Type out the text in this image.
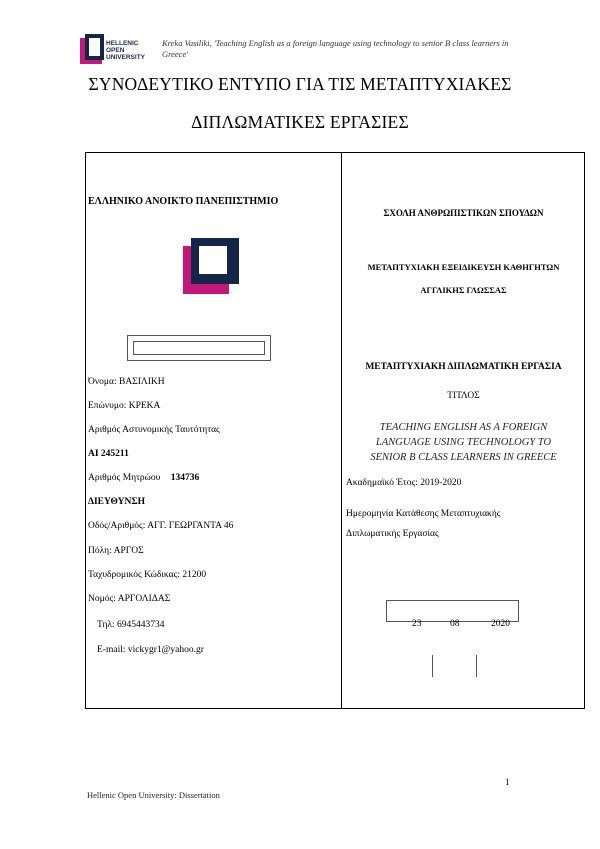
HELLENIC
OPEN
UNIVERSITY
Kreka Vasiliki, 'Teaching English as a foreign language using technology to senior B class learners in Greece'
ΣΥΝΟΔΕΥΤΙΚΟ ΕΝΤΥΠΟ ΓΙΑ ΤΙΣ ΜΕΤΑΠΤΥΧΙΑΚΕΣ
ΔΙΠΛΩΜΑΤΙΚΕΣ ΕΡΓΑΣΙΕΣ
ΕΛΛΗΝΙΚΟ ΑΝΟΙΚΤΟ ΠΑΝΕΠΙΣΤΗΜΙΟ
Όνομα: ΒΑΣΙΛΙΚΗ
Επώνυμο: ΚΡΕΚΑ
Αριθμός Αστυνομικής Ταυτότητας
ΑΙ 245211
Αριθμός Μητρώου 134736
ΔΙΕΥΘΥΝΣΗ
Οδός/Αριθμός: ΑΓΓ. ΓΕΩΡΓΑΝΤΑ 46
Πόλη: ΑΡΓΟΣ
Ταχυδρομικός Κώδικας: 21200
Νομός: ΑΡΓΟΛΙΔΑΣ
Τηλ: 6945443734
E-mail: vickygr1@yahoo.gr
ΣΧΟΛΗ ΑΝΘΡΩΠΙΣΤΙΚΩΝ ΣΠΟΥΔΩΝ
ΜΕΤΑΠΤΥΧΙΑΚΗ ΕΞΕΙΔΙΚΕΥΣΗ ΚΑΘΗΓΗΤΩΝ
ΑΓΓΛΙΚΗΣ ΓΛΩΣΣΑΣ
ΜΕΤΑΠΤΥΧΙΑΚΗ ΔΙΠΛΩΜΑΤΙΚΗ ΕΡΓΑΣΙΑ
ΤΙΤΛΟΣ
TEACHING ENGLISH AS A FOREIGN
LANGUAGE USING TECHNOLOGY TO
SENIOR B CLASS LEARNERS IN GREECE
Ακαδημαϊκό Έτος: 2019-2020
Ημερομηνία Κατάθεσης Μεταπτυχιακής
Διπλωματικής Εργασίας
23	08	2020
1
Hellenic Open University: Dissertation
